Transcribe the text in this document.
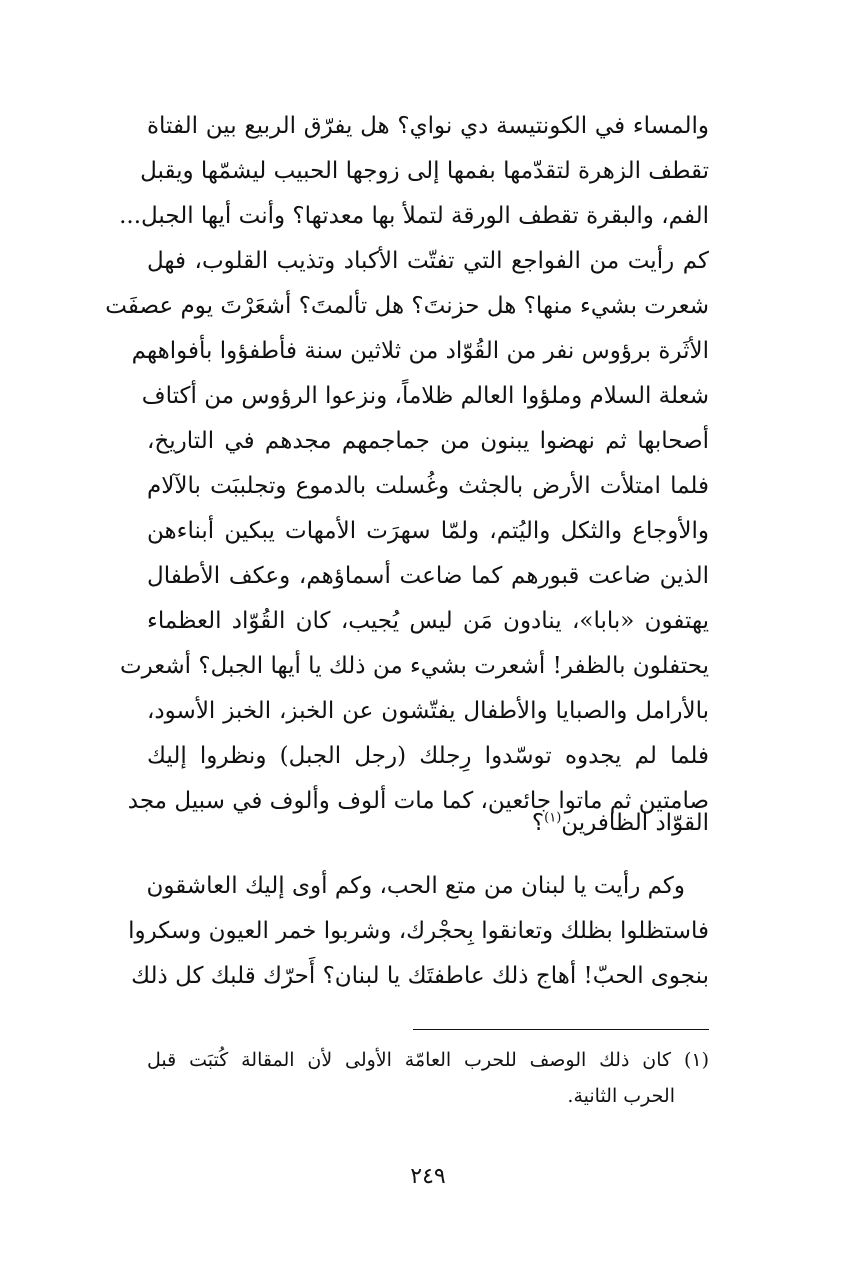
والمساء في الكونتيسة دي نواي؟ هل يفرّق الربيع بين الفتاة
تقطف الزهرة لتقدّمها بفمها إلى زوجها الحبيب ليشمّها ويقبل
الفم، والبقرة تقطف الورقة لتملأ بها معدتها؟ وأنت أيها الجبل...
كم رأيت من الفواجع التي تفتّت الأكباد وتذيب القلوب، فهل
شعرت بشيء منها؟ هل حزنتَ؟ هل تألمتَ؟ أشعَرْتَ يوم عصفَت
الأثَرة برؤوس نفر من القُوّاد من ثلاثين سنة فأطفؤوا بأفواههم
شعلة السلام وملؤوا العالم ظلاماً، ونزعوا الرؤوس من أكتاف
أصحابها ثم نهضوا يبنون من جماجمهم مجدهم في التاريخ،
فلما امتلأت الأرض بالجثث وغُسلت بالدموع وتجلببَت بالآلام
والأوجاع والثكل واليُتم، ولمّا سهرَت الأمهات يبكين أبناءهن
الذين ضاعت قبورهم كما ضاعت أسماؤهم، وعكف الأطفال
يهتفون «بابا»، ينادون مَن ليس يُجيب، كان القُوّاد العظماء
يحتفلون بالظفر! أشعرت بشيء من ذلك يا أيها الجبل؟ أشعرت
بالأرامل والصبايا والأطفال يفتّشون عن الخبز، الخبز الأسود،
فلما لم يجدوه توسّدوا رِجلك (رجل الجبل) ونظروا إليك
صامتين ثم ماتوا جائعين، كما مات ألوف وألوف في سبيل مجد
القوّاد الظافرين$^{(١)}$؟
وكم رأيت يا لبنان من متع الحب، وكم أوى إليك العاشقون
فاستظلوا بظلك وتعانقوا بِحجْرك، وشربوا خمر العيون وسكروا
بنجوى الحبّ! أهاج ذلك عاطفتَك يا لبنان؟ أَحرّك قلبك كل ذلك
(١) كان ذلك الوصف للحرب العامّة الأولى لأن المقالة كُتبَت قبل
الحرب الثانية.
٢٤٩
